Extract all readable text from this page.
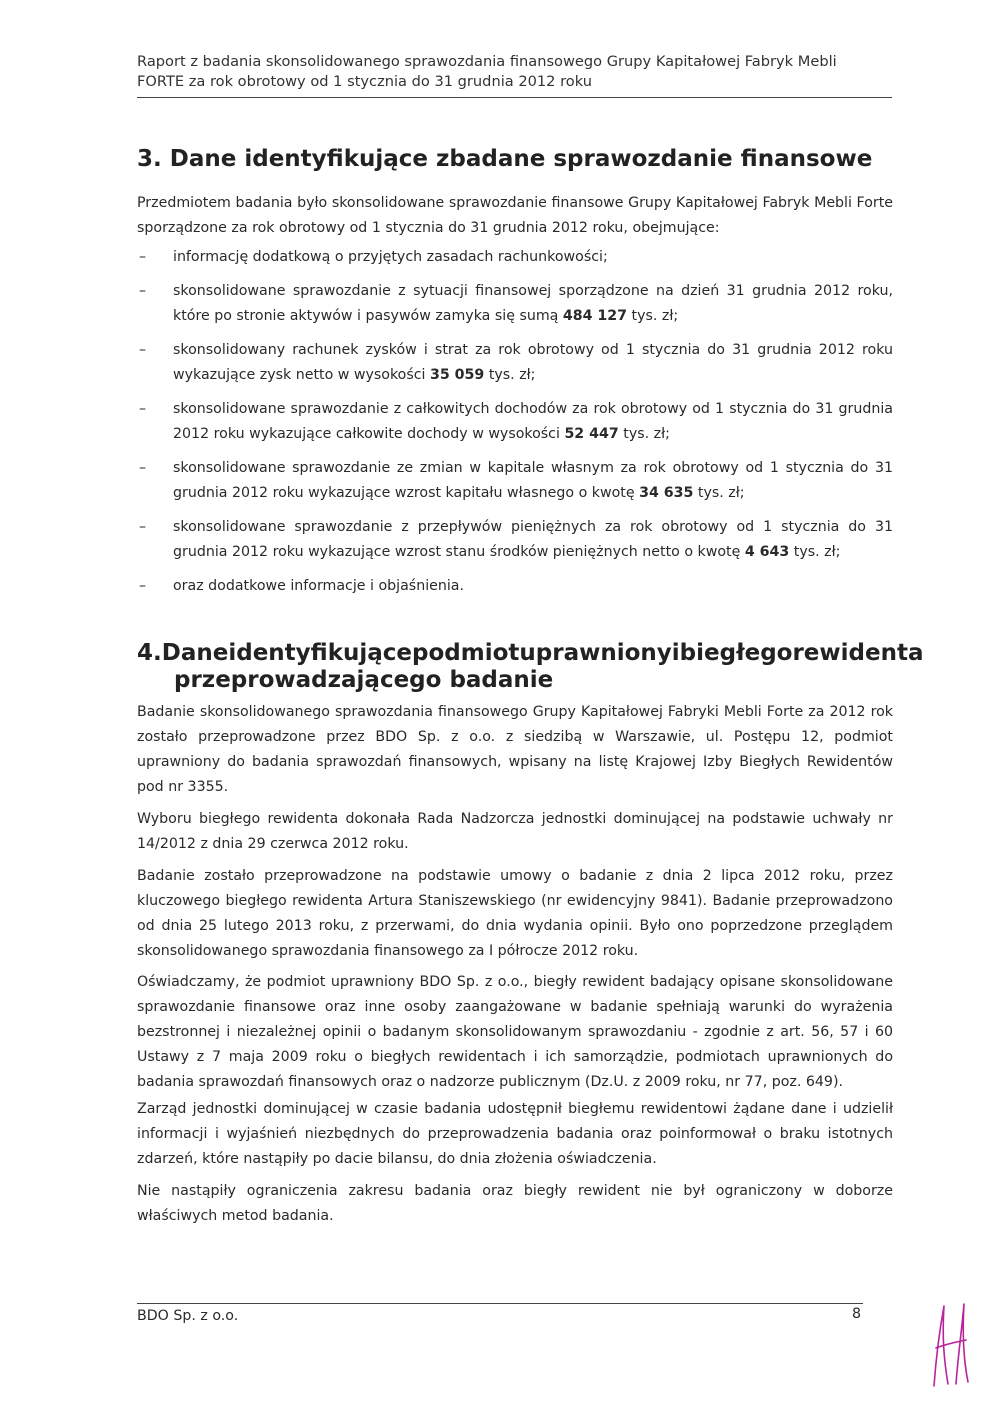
Raport z badania skonsolidowanego sprawozdania finansowego Grupy Kapitałowej Fabryk Mebli
FORTE za rok obrotowy od 1 stycznia do 31 grudnia 2012 roku
3. Dane identyfikujące zbadane sprawozdanie finansowe

Przedmiotem badania było skonsolidowane sprawozdanie finansowe Grupy Kapitałowej Fabryk Mebli Forte sporządzone za rok obrotowy od 1 stycznia do 31 grudnia 2012 roku, obejmujące:

– informację dodatkową o przyjętych zasadach rachunkowości;
– skonsolidowane sprawozdanie z sytuacji finansowej sporządzone na dzień 31 grudnia 2012 roku, które po stronie aktywów i pasywów zamyka się sumą 484 127 tys. zł;
– skonsolidowany rachunek zysków i strat za rok obrotowy od 1 stycznia do 31 grudnia 2012 roku wykazujące zysk netto w wysokości 35 059 tys. zł;
– skonsolidowane sprawozdanie z całkowitych dochodów za rok obrotowy od 1 stycznia do 31 grudnia 2012 roku wykazujące całkowite dochody w wysokości 52 447 tys. zł;
– skonsolidowane sprawozdanie ze zmian w kapitale własnym za rok obrotowy od 1 stycznia do 31 grudnia 2012 roku wykazujące wzrost kapitału własnego o kwotę 34 635 tys. zł;
– skonsolidowane sprawozdanie z przepływów pieniężnych za rok obrotowy od 1 stycznia do 31 grudnia 2012 roku wykazujące wzrost stanu środków pieniężnych netto o kwotę 4 643 tys. zł;
– oraz dodatkowe informacje i objaśnienia.
4. Dane identyfikujące podmiot uprawniony i biegłego rewidenta
przeprowadzającego badanie

Badanie skonsolidowanego sprawozdania finansowego Grupy Kapitałowej Fabryki Mebli Forte za 2012 rok zostało przeprowadzone przez BDO Sp. z o.o. z siedzibą w Warszawie, ul. Postępu 12, podmiot uprawniony do badania sprawozdań finansowych, wpisany na listę Krajowej Izby Biegłych Rewidentów pod nr 3355.

Wyboru biegłego rewidenta dokonała Rada Nadzorcza jednostki dominującej na podstawie uchwały nr 14/2012 z dnia 29 czerwca 2012 roku.

Badanie zostało przeprowadzone na podstawie umowy o badanie z dnia 2 lipca 2012 roku, przez kluczowego biegłego rewidenta Artura Staniszewskiego (nr ewidencyjny 9841). Badanie przeprowadzono od dnia 25 lutego 2013 roku, z przerwami, do dnia wydania opinii. Było ono poprzedzone przeglądem skonsolidowanego sprawozdania finansowego za I półrocze 2012 roku.

Oświadczamy, że podmiot uprawniony BDO Sp. z o.o., biegły rewident badający opisane skonsolidowane sprawozdanie finansowe oraz inne osoby zaangażowane w badanie spełniają warunki do wyrażenia bezstronnej i niezależnej opinii o badanym skonsolidowanym sprawozdaniu - zgodnie z art. 56, 57 i 60 Ustawy z 7 maja 2009 roku o biegłych rewidentach i ich samorządzie, podmiotach uprawnionych do badania sprawozdań finansowych oraz o nadzorze publicznym (Dz.U. z 2009 roku, nr 77, poz. 649).

Zarząd jednostki dominującej w czasie badania udostępnił biegłemu rewidentowi żądane dane i udzielił informacji i wyjaśnień niezbędnych do przeprowadzenia badania oraz poinformował o braku istotnych zdarzeń, które nastąpiły po dacie bilansu, do dnia złożenia oświadczenia.

Nie nastąpiły ograniczenia zakresu badania oraz biegły rewident nie był ograniczony w doborze właściwych metod badania.

BDO Sp. z o.o.	8
